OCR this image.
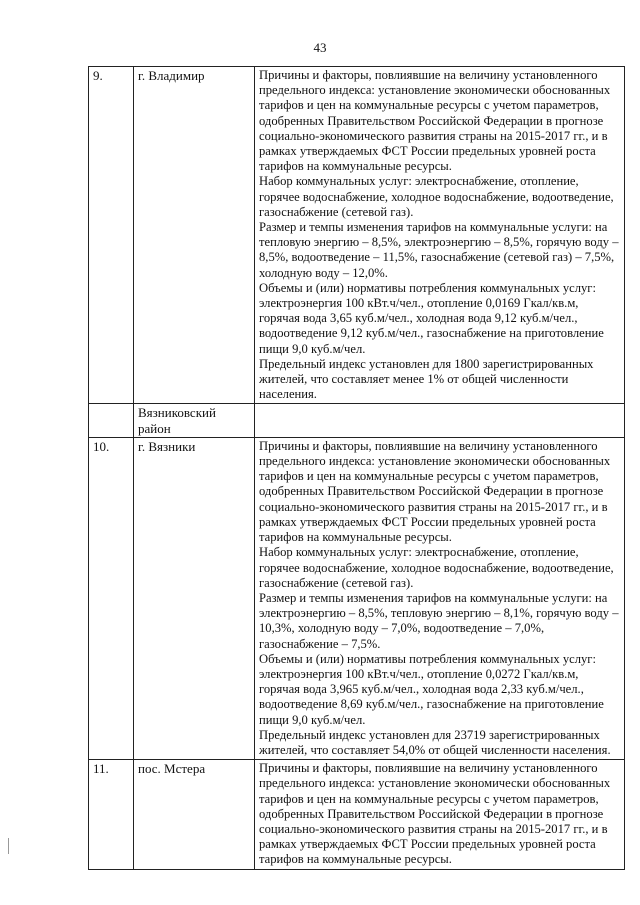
43
9.	г. Владимир	Причины и факторы, повлиявшие на величину установленного предельного индекса: установление экономически обоснованных тарифов и цен на коммунальные ресурсы с учетом параметров, одобренных Правительством Российской Федерации в прогнозе социально-экономического развития страны на 2015-2017 гг., и в рамках утверждаемых ФСТ России предельных уровней роста тарифов на коммунальные ресурсы.
Набор коммунальных услуг: электроснабжение, отопление, горячее водоснабжение, холодное водоснабжение, водоотведение, газоснабжение (сетевой газ).
Размер и темпы изменения тарифов на коммунальные услуги: на тепловую энергию – 8,5%, электроэнергию – 8,5%, горячую воду – 8,5%, водоотведение – 11,5%, газоснабжение (сетевой газ) – 7,5%, холодную воду – 12,0%.
Объемы и (или) нормативы потребления коммунальных услуг: электроэнергия 100 кВт.ч/чел., отопление 0,0169 Гкал/кв.м, горячая вода 3,65 куб.м/чел., холодная вода 9,12 куб.м/чел., водоотведение 9,12 куб.м/чел., газоснабжение на приготовление пищи 9,0 куб.м/чел.
Предельный индекс установлен для 1800 зарегистрированных жителей, что составляет менее 1% от общей численности населения.

	Вязниковский район	
10.	г. Вязники	Причины и факторы, повлиявшие на величину установленного предельного индекса: установление экономически обоснованных тарифов и цен на коммунальные ресурсы с учетом параметров, одобренных Правительством Российской Федерации в прогнозе социально-экономического развития страны на 2015-2017 гг., и в рамках утверждаемых ФСТ России предельных уровней роста тарифов на коммунальные ресурсы.
Набор коммунальных услуг: электроснабжение, отопление, горячее водоснабжение, холодное водоснабжение, водоотведение, газоснабжение (сетевой газ).
Размер и темпы изменения тарифов на коммунальные услуги: на электроэнергию – 8,5%, тепловую энергию – 8,1%, горячую воду – 10,3%, холодную воду – 7,0%, водоотведение – 7,0%, газоснабжение – 7,5%.
Объемы и (или) нормативы потребления коммунальных услуг: электроэнергия 100 кВт.ч/чел., отопление 0,0272 Гкал/кв.м, горячая вода 3,965 куб.м/чел., холодная вода 2,33 куб.м/чел., водоотведение 8,69 куб.м/чел., газоснабжение на приготовление пищи 9,0 куб.м/чел.
Предельный индекс установлен для 23719 зарегистрированных жителей, что составляет 54,0% от общей численности населения.

11.	пос. Мстера	Причины и факторы, повлиявшие на величину установленного предельного индекса: установление экономически обоснованных тарифов и цен на коммунальные ресурсы с учетом параметров, одобренных Правительством Российской Федерации в прогнозе социально-экономического развития страны на 2015-2017 гг., и в рамках утверждаемых ФСТ России предельных уровней роста тарифов на коммунальные ресурсы.
